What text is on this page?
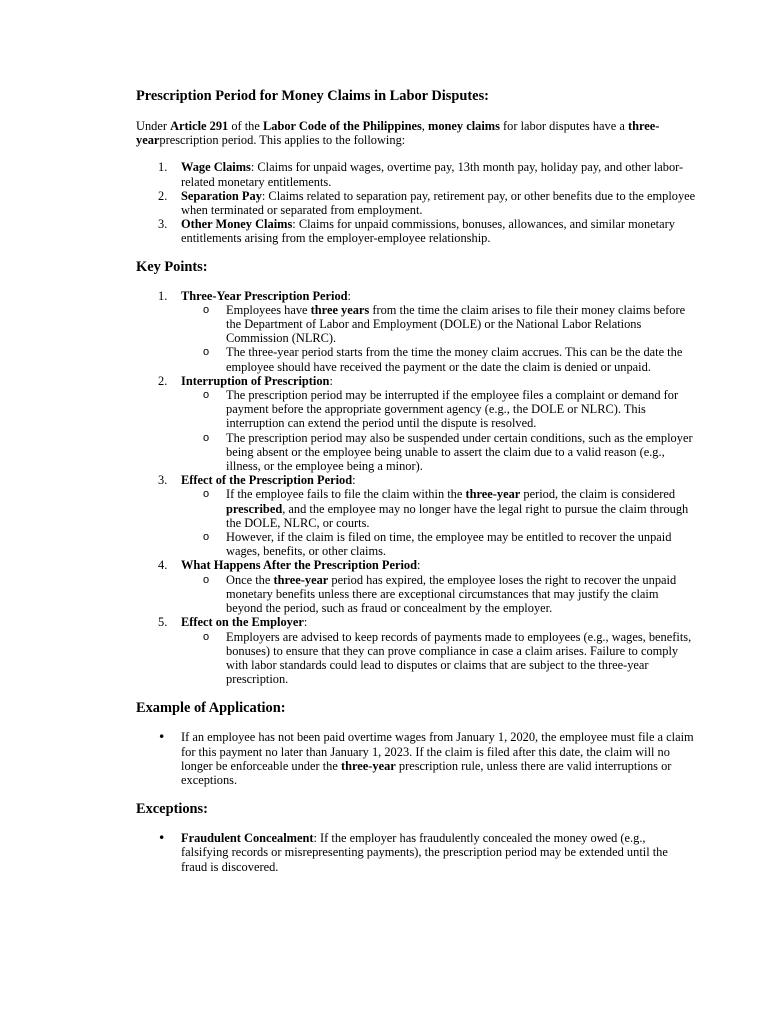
Prescription Period for Money Claims in Labor Disputes:

Under Article 291 of the Labor Code of the Philippines, money claims for labor disputes have a three-yearprescription period. This applies to the following:

1. Wage Claims: Claims for unpaid wages, overtime pay, 13th month pay, holiday pay, and other labor-related monetary entitlements.
2. Separation Pay: Claims related to separation pay, retirement pay, or other benefits due to the employee when terminated or separated from employment.
3. Other Money Claims: Claims for unpaid commissions, bonuses, allowances, and similar monetary entitlements arising from the employer-employee relationship.
Key Points:
1. Three-Year Prescription Period:
o Employees have three years from the time the claim arises to file their money claims before the Department of Labor and Employment (DOLE) or the National Labor Relations Commission (NLRC).
o The three-year period starts from the time the money claim accrues. This can be the date the employee should have received the payment or the date the claim is denied or unpaid.
2. Interruption of Prescription:
o The prescription period may be interrupted if the employee files a complaint or demand for payment before the appropriate government agency (e.g., the DOLE or NLRC). This interruption can extend the period until the dispute is resolved.
o The prescription period may also be suspended under certain conditions, such as the employer being absent or the employee being unable to assert the claim due to a valid reason (e.g., illness, or the employee being a minor).
3. Effect of the Prescription Period:
o If the employee fails to file the claim within the three-year period, the claim is considered prescribed, and the employee may no longer have the legal right to pursue the claim through the DOLE, NLRC, or courts.
o However, if the claim is filed on time, the employee may be entitled to recover the unpaid wages, benefits, or other claims.
4. What Happens After the Prescription Period:
o Once the three-year period has expired, the employee loses the right to recover the unpaid monetary benefits unless there are exceptional circumstances that may justify the claim beyond the period, such as fraud or concealment by the employer.
5. Effect on the Employer:
o Employers are advised to keep records of payments made to employees (e.g., wages, benefits, bonuses) to ensure that they can prove compliance in case a claim arises. Failure to comply with labor standards could lead to disputes or claims that are subject to the three-year prescription.
Example of Application:
• If an employee has not been paid overtime wages from January 1, 2020, the employee must file a claim for this payment no later than January 1, 2023. If the claim is filed after this date, the claim will no longer be enforceable under the three-year prescription rule, unless there are valid interruptions or exceptions.
Exceptions:
• Fraudulent Concealment: If the employer has fraudulently concealed the money owed (e.g., falsifying records or misrepresenting payments), the prescription period may be extended until the fraud is discovered.
